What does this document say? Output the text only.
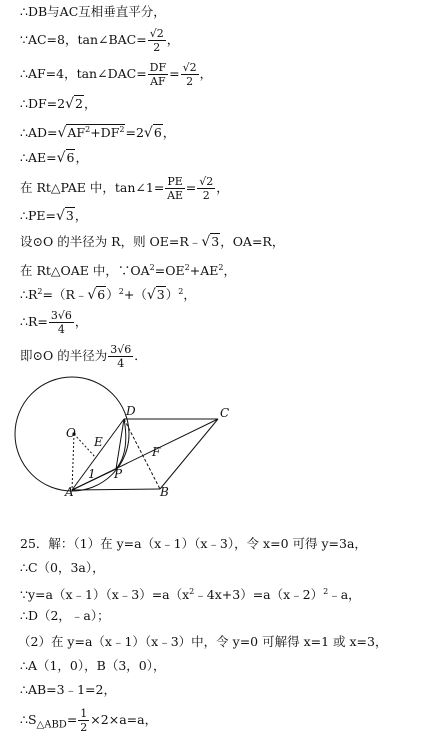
∴DB与AC互相垂直平分，
∵AC=8，tan∠BAC= $\frac{√2}{2}$ ，
∴AF=4，tan∠DAC= $\frac{DF}{AF} = \frac{√2}{2}$ ，
∴DF=2√2，
$\therefore AD=√AF^2+DF^2=2√6$，
∴AE=√6，
在 Rt△PAE 中，tan∠1= $\frac{PE}{AE} = \frac{√2}{2}$ ，
∴PE=√3，
设⊙O 的半径为 R，则 OE=R﹣√3，OA=R，
在 Rt△OAE 中，$\because OA^2=OE^2+AE^2$，
$\therefore R^2=(R﹣√6)^2+(√3)^2$，
∴R= $\frac{3√6}{4}$ ，
即⊙O 的半径为 $\frac{3√6}{4}$ ．
D	C
O
E
F
P
A	B
1
25．解：（1）在 y=a（x﹣1）（x﹣3），令 x=0 可得 y=3a，
∴C（0，3a），
$\because y=a(x﹣1)(x﹣3)=a(x^2﹣4x+3)=a(x﹣2)^2﹣a$，
∴D（2，﹣a）；
（2）在 y=a（x﹣1）（x﹣3）中，令 y=0 可解得 x=1 或 x=3，
∴A（1，0），B（3，0），
∴AB=3﹣1=2，
$\therefore S_{\triangle ABD}= \frac{1}{2} \times 2\times a=a$，
